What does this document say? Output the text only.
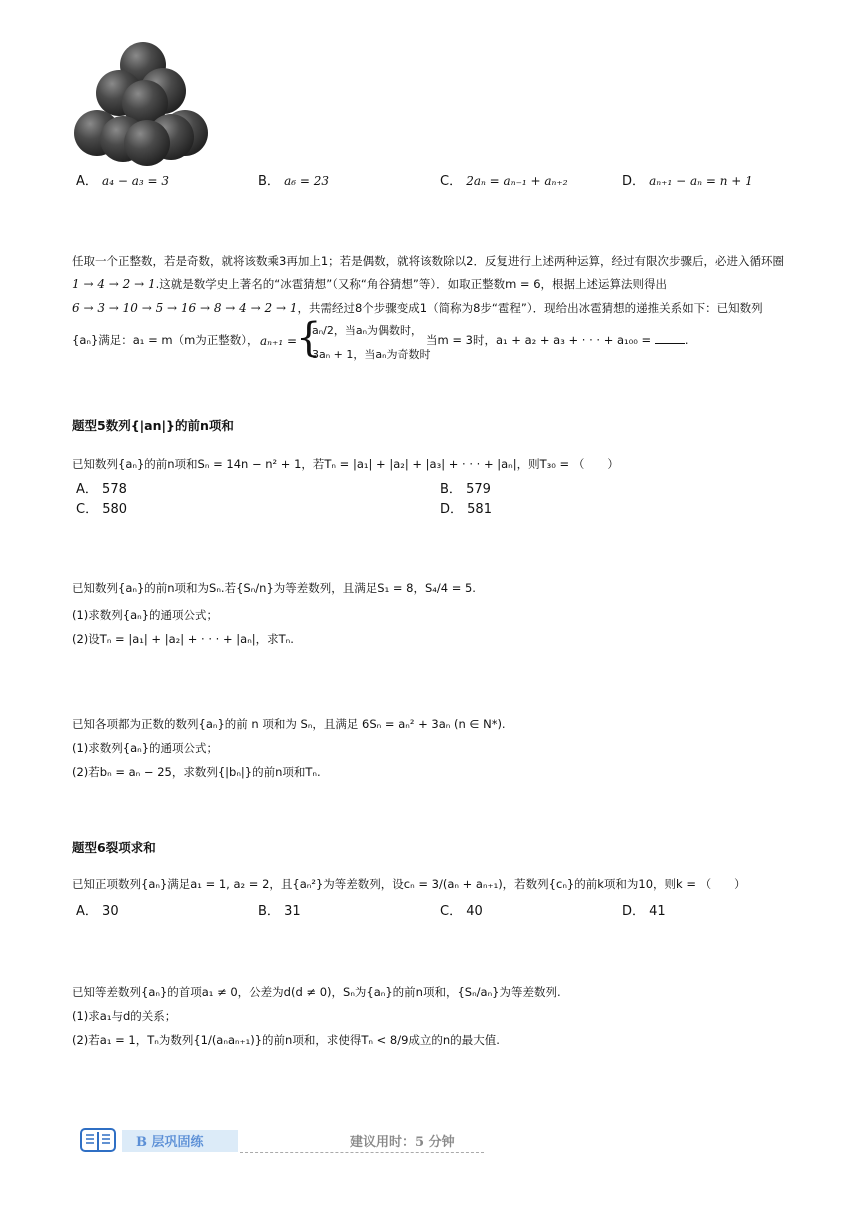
A． a₄ − a₃ = 3	B． a₆ = 23	C． 2aₙ = aₙ₋₁ + aₙ₊₂	D． aₙ₊₁ − aₙ = n + 1
任取一个正整数，若是奇数，就将该数乘3再加上1；若是偶数，就将该数除以2．反复进行上述两种运算，经过有限次步骤后，必进入循环圈
1 → 4 → 2 → 1.这就是数学史上著名的“冰雹猜想”（又称“角谷猜想”等）．如取正整数m = 6，根据上述运算法则得出
6 → 3 → 10 → 5 → 16 → 8 → 4 → 2 → 1，共需经过8个步骤变成1（简称为8步“雹程”）．现给出冰雹猜想的递推关系如下：已知数列
{aₙ}满足：a₁ = m（m为正整数）， aₙ₊₁ =
{
aₙ/2，当aₙ为偶数时，
3aₙ + 1，当aₙ为奇数时
当m = 3时，a₁ + a₂ + a₃ + · · · + a₁₀₀ =	.
题型5数列{|an|}的前n项和
已知数列{aₙ}的前n项和Sₙ = 14n − n² + 1，若Tₙ = |a₁| + |a₂| + |a₃| + · · · + |aₙ|，则T₃₀ = （　　）
A． 578	B． 579
C． 580	D． 581
已知数列{aₙ}的前n项和为Sₙ.若{Sₙ/n}为等差数列，且满足S₁ = 8，S₄/4 = 5.
(1)求数列{aₙ}的通项公式；
(2)设Tₙ = |a₁| + |a₂| + · · · + |aₙ|，求Tₙ.
已知各项都为正数的数列{aₙ}的前 n 项和为 Sₙ，且满足 6Sₙ = aₙ² + 3aₙ (n ∈ N*).
(1)求数列{aₙ}的通项公式；
(2)若bₙ = aₙ − 25，求数列{|bₙ|}的前n项和Tₙ.
题型6裂项求和
已知正项数列{aₙ}满足a₁ = 1, a₂ = 2，且{aₙ²}为等差数列，设cₙ = 3/(aₙ + aₙ₊₁)，若数列{cₙ}的前k项和为10，则k = （　　）
A． 30	B． 31	C． 40	D． 41
已知等差数列{aₙ}的首项a₁ ≠ 0，公差为d(d ≠ 0)，Sₙ为{aₙ}的前n项和，{Sₙ/aₙ}为等差数列.
(1)求a₁与d的关系；
(2)若a₁ = 1，Tₙ为数列{1/(aₙaₙ₊₁)}的前n项和，求使得Tₙ < 8/9成立的n的最大值.
B 层巩固练	建议用时：5 分钟
